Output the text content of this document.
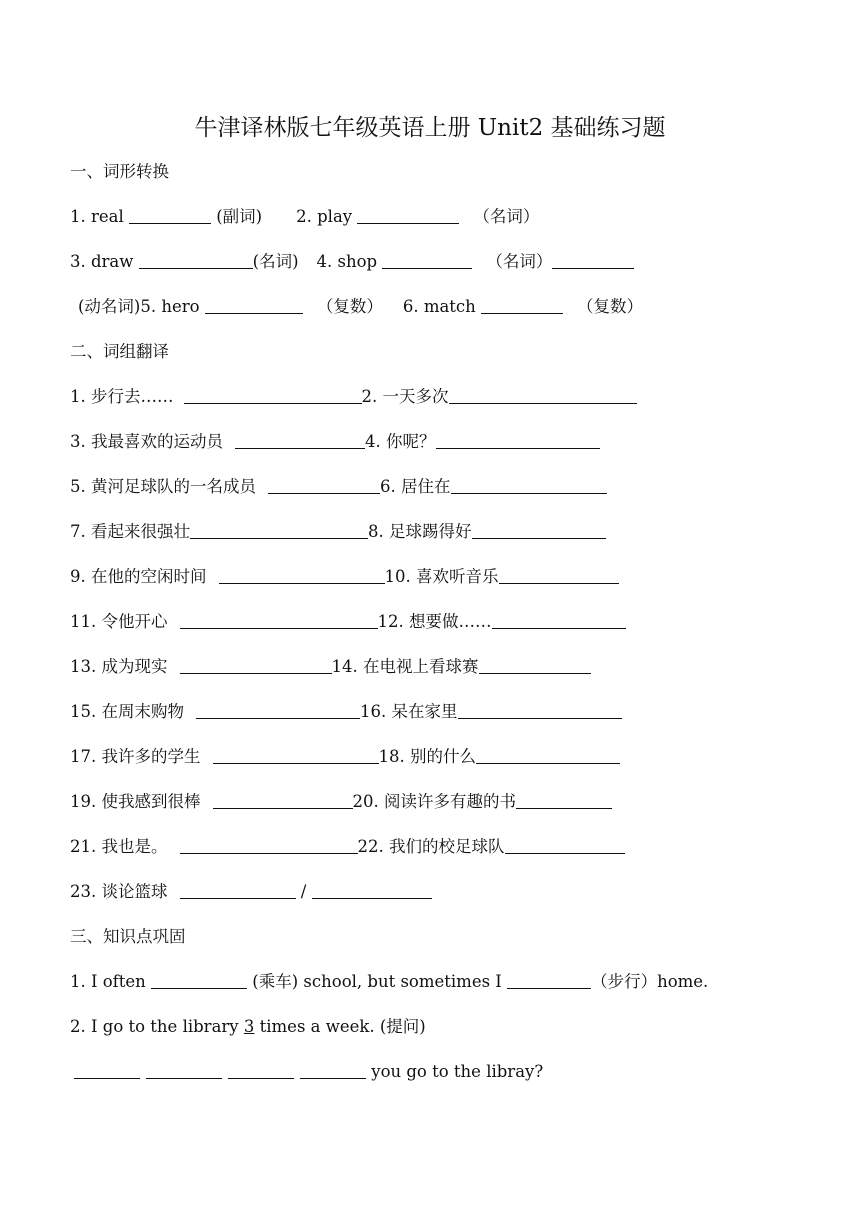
牛津译林版七年级英语上册 Unit2 基础练习题
一、词形转换
1. real	(副词) 2. play	（名词）
3. draw	(名词) 4. shop	（名词）
(动名词)5. hero	（复数） 6. match	（复数）
二、词组翻译
1. 步行去……	2. 一天多次
3. 我最喜欢的运动员	4. 你呢？
5. 黄河足球队的一名成员	6. 居住在
7. 看起来很强壮	8. 足球踢得好
9. 在他的空闲时间	10. 喜欢听音乐
11. 令他开心	12. 想要做……
13. 成为现实	14. 在电视上看球赛
15. 在周末购物	16. 呆在家里
17. 我许多的学生	18. 别的什么
19. 使我感到很棒	20. 阅读许多有趣的书
21. 我也是。	22. 我们的校足球队
23. 谈论篮球	/
三、知识点巩固
1. I often	(乘车) school, but sometimes I	（步行）home.
2. I go to the library 3 times a week. (提问)
you go to the libray?
